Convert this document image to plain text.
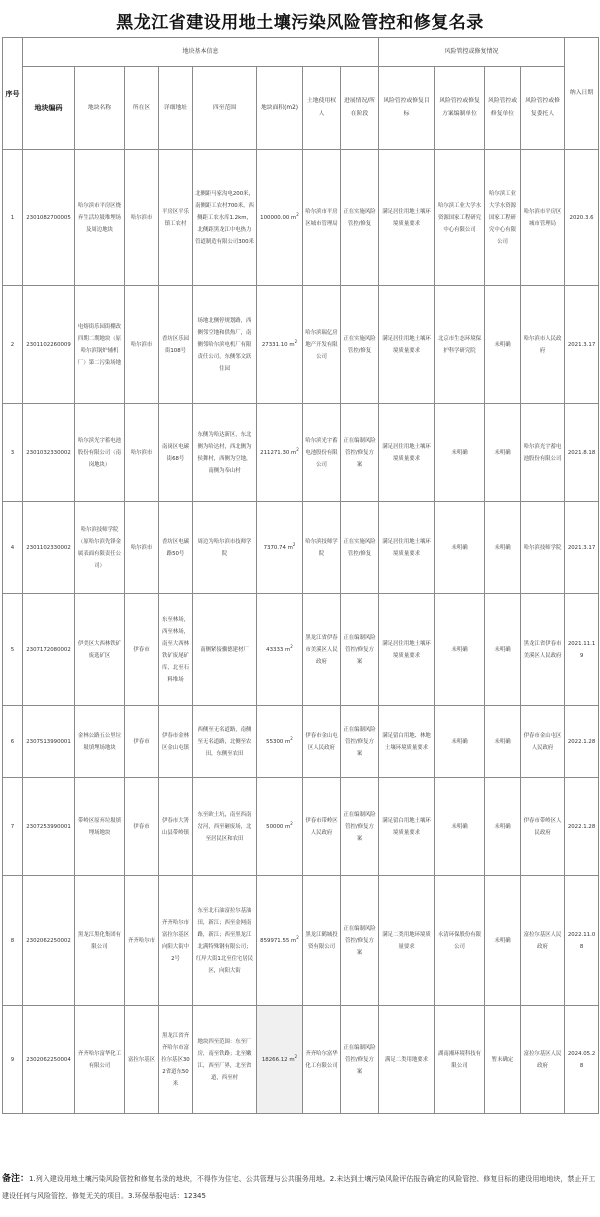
黑龙江省建设用地土壤污染风险管控和修复名录
序号	地块基本信息								风险管控或修复情况				纳入日期
	地块编码	地块名称	所在区	详细地址	四至范围	地块面积(m2)	土地使用权人	进展情况/所在阶段	风险管控或修复目标	风险管控或修复方案编制单位	风险管控或修复单位	风险管控或修复委托人	
1	2301082700005	哈尔滨市平房区烧弃生活垃圾堆埋场及周边地块	哈尔滨市	平房区平乐镇工农村	北侧距马家沟电200米，南侧距工农村700米，西侧距工农水库1.2km，北侧距黑龙江中电热力管道制造有限公司300米	100000.00 $m^2$	哈尔滨市平房区城市管理局	正在实施风险管控/修复	满足居住用地土壤环境质量要求	哈尔滨工业大学水资源国家工程研究中心有限公司	哈尔滨工业大学水资源国家工程研究中心有限公司	哈尔滨市平房区城市管理局	2020.3.6
2	2301102260009	电熔街乐园街棚改四期二期地块（原哈尔滨锅炉辅机厂）第二污染场地	哈尔滨市	香坊区乐园街108号	场地北侧停规划路，西侧邻空地和供热厂，南侧邻哈尔滨电机厂有限责任公司，东侧邻文跃住园	27331.10 $m^2$	哈尔滨瑞亿房地产开发有限公司	正在实施风险管控/修复	满足居住用地土壤环境质量要求	北京市生态环境保护科学研究院	未明确	哈尔滨市人民政府	2021.3.17
3	2301032330002	哈尔滨光宇蓄电池股份有限公司（南岗地块）	哈尔滨市	南岗区电碳街68号	东侧为哈达新区，东北侧为哈达村，西北侧为侯舞村，西侧为空地，南侧为奉山村	211271.30 $m^2$	哈尔滨光宇蓄电池股份有限公司	正在编制风险管控/修复方案	满足居住用地土壤环境质量要求	未明确	未明确	哈尔滨光宇蓄电池股份有限公司	2021.8.18
4	2301102330002	哈尔滨技师学院（原哈尔滨先锋金属表面有限责任公司）	哈尔滨市	香坊区电碳路50号	周边为哈尔滨市技师学院	7370.74 $m^2$	哈尔滨技师学院	正在实施风险管控/修复	满足居住用地土壤环境质量要求	未明确	未明确	哈尔滨技师学院	2021.3.17
5	2307172080002	伊美区大西林铁矿废选矿区	伊春市	东至林场，西至林场，南至大西林铁矿废尾矿库，北至石料堆场	南侧紧接骥德建材厂	43333 $m^2$	黑龙江省伊春市美溪区人民政府	正在编制风险管控/修复方案	满足居住用地土壤环境质量要求	未明确	未明确	黑龙江省伊春市美溪区人民政府	2021.11.19
6	2307513990001	金林公路五公里垃圾填埋场地块	伊春市	伊春市金林区金山屯镇	西侧至无名道路，南侧至无名道路，北侧至农田，东侧至农田	55300 $m^2$	伊春市金山屯区人民政府	正在编制风险管控/修复方案	满足留白用地、林地土壤环境质量要求	未明确	未明确	伊春市金山屯区人民政府	2022.1.28
7	2307253990001	带岭区原弃垃圾填埋场地块	伊春市	伊春市大箐山县带岭镇	东至欧土坑，南至西南岔河，西至砸废场，北至居民区和农田	50000 $m^2$	伊春市带岭区人民政府	正在编制风险管控/修复方案	满足留白用地土壤环境质量要求	未明确	未明确	伊春市带岭区人民政府	2022.1.28
8	2302062250002	黑龙江黑化集团有限公司	齐齐哈尔市	齐齐哈尔市富拉尔基区向阳大街中2号	东至北石油富拉尔基油田，新江；西至金网南路，新江；西至黑龙江北满特殊钢有限公司；红岸大街1北至住宅居民区，向阳大街	859971.55 $m^2$	黑龙江鹤城投资有限公司	正在编制风险管控/修复方案	满足二类用地环境质量要求	永清环保股份有限公司	未明确	富拉尔基区人民政府	2022.11.08
9	2302062250004	齐齐哈尔富华化工有限公司	富拉尔基区	黑龙江省齐齐哈尔市富拉尔基区302省道东50米	地块四至范围：东至厂房，南至铁路；北至嫩江，西至厂界，北至省道，西至村	18266.12 $m^2$	齐齐哈尔富华化工有限公司	正在编制风险管控/修复方案	满足二类用地要求	湖南湘环境科技有限公司	暂未确定	富拉尔基区人民政府	2024.05.28
备注：1.列入建设用地土壤污染风险管控和修复名录的地块，不得作为住宅、公共管理与公共服务用地。2.未达到土壤污染风险评估报告确定的风险管控、修复目标的建设用地地块，禁止开工建设任何与风险管控、修复无关的项目。3.环保举报电话：12345
